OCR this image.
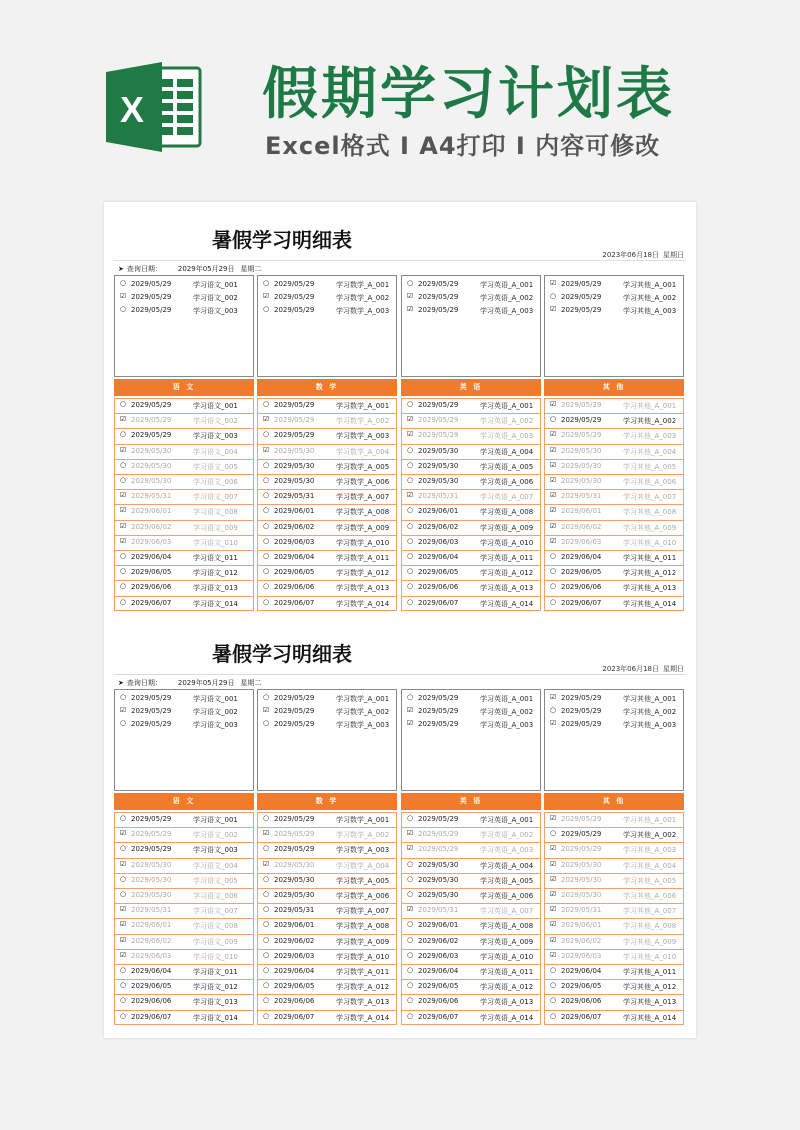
X 假期学习计划表
Excel格式 I A4打印 I 内容可修改
暑假学习明细表
2023年06月18日 星期日
➤ 查询日期： 2029年05月29日 星期二
○ 2029/05/29	学习语文_001
☑ 2029/05/29	学习语文_002
○ 2029/05/29	学习语文_003
语 文
○ 2029/05/29	学习语文_001
☑ 2029/05/29	学习语文_002
○ 2029/05/29	学习语文_003
☑ 2029/05/30	学习语文_004
○ 2029/05/30	学习语文_005
○ 2029/05/30	学习语文_006
☑ 2029/05/31	学习语文_007
☑ 2029/06/01	学习语文_008
☑ 2029/06/02	学习语文_009
☑ 2029/06/03	学习语文_010
○ 2029/06/04	学习语文_011
○ 2029/06/05	学习语文_012
○ 2029/06/06	学习语文_013
○ 2029/06/07	学习语文_014
○ 2029/05/29	学习数学_A_001
☑ 2029/05/29	学习数学_A_002
○ 2029/05/29	学习数学_A_003
数 学
○ 2029/05/29	学习数学_A_001
☑ 2029/05/29	学习数学_A_002
○ 2029/05/29	学习数学_A_003
☑ 2029/05/30	学习数学_A_004
○ 2029/05/30	学习数学_A_005
○ 2029/05/30	学习数学_A_006
○ 2029/05/31	学习数学_A_007
○ 2029/06/01	学习数学_A_008
○ 2029/06/02	学习数学_A_009
○ 2029/06/03	学习数学_A_010
○ 2029/06/04	学习数学_A_011
○ 2029/06/05	学习数学_A_012
○ 2029/06/06	学习数学_A_013
○ 2029/06/07	学习数学_A_014
○ 2029/05/29	学习英语_A_001
☑ 2029/05/29	学习英语_A_002
☑ 2029/05/29	学习英语_A_003
英 语
○ 2029/05/29	学习英语_A_001
☑ 2029/05/29	学习英语_A_002
☑ 2029/05/29	学习英语_A_003
○ 2029/05/30	学习英语_A_004
○ 2029/05/30	学习英语_A_005
○ 2029/05/30	学习英语_A_006
☑ 2029/05/31	学习英语_A_007
○ 2029/06/01	学习英语_A_008
○ 2029/06/02	学习英语_A_009
○ 2029/06/03	学习英语_A_010
○ 2029/06/04	学习英语_A_011
○ 2029/06/05	学习英语_A_012
○ 2029/06/06	学习英语_A_013
○ 2029/06/07	学习英语_A_014
☑ 2029/05/29	学习其他_A_001
○ 2029/05/29	学习其他_A_002
☑ 2029/05/29	学习其他_A_003
其 他
☑ 2029/05/29	学习其他_A_001
○ 2029/05/29	学习其他_A_002
☑ 2029/05/29	学习其他_A_003
☑ 2029/05/30	学习其他_A_004
☑ 2029/05/30	学习其他_A_005
☑ 2029/05/30	学习其他_A_006
☑ 2029/05/31	学习其他_A_007
☑ 2029/06/01	学习其他_A_008
☑ 2029/06/02	学习其他_A_009
☑ 2029/06/03	学习其他_A_010
○ 2029/06/04	学习其他_A_011
○ 2029/06/05	学习其他_A_012
○ 2029/06/06	学习其他_A_013
○ 2029/06/07	学习其他_A_014
暑假学习明细表
2023年06月18日 星期日
➤ 查询日期： 2029年05月29日 星期二
○ 2029/05/29	学习语文_001
☑ 2029/05/29	学习语文_002
○ 2029/05/29	学习语文_003
语 文
○ 2029/05/29	学习语文_001
☑ 2029/05/29	学习语文_002
○ 2029/05/29	学习语文_003
☑ 2029/05/30	学习语文_004
○ 2029/05/30	学习语文_005
○ 2029/05/30	学习语文_006
☑ 2029/05/31	学习语文_007
☑ 2029/06/01	学习语文_008
☑ 2029/06/02	学习语文_009
☑ 2029/06/03	学习语文_010
○ 2029/06/04	学习语文_011
○ 2029/06/05	学习语文_012
○ 2029/06/06	学习语文_013
○ 2029/06/07	学习语文_014
○ 2029/05/29	学习数学_A_001
☑ 2029/05/29	学习数学_A_002
○ 2029/05/29	学习数学_A_003
数 学
○ 2029/05/29	学习数学_A_001
☑ 2029/05/29	学习数学_A_002
○ 2029/05/29	学习数学_A_003
☑ 2029/05/30	学习数学_A_004
○ 2029/05/30	学习数学_A_005
○ 2029/05/30	学习数学_A_006
○ 2029/05/31	学习数学_A_007
○ 2029/06/01	学习数学_A_008
○ 2029/06/02	学习数学_A_009
○ 2029/06/03	学习数学_A_010
○ 2029/06/04	学习数学_A_011
○ 2029/06/05	学习数学_A_012
○ 2029/06/06	学习数学_A_013
○ 2029/06/07	学习数学_A_014
○ 2029/05/29	学习英语_A_001
☑ 2029/05/29	学习英语_A_002
☑ 2029/05/29	学习英语_A_003
英 语
○ 2029/05/29	学习英语_A_001
☑ 2029/05/29	学习英语_A_002
☑ 2029/05/29	学习英语_A_003
○ 2029/05/30	学习英语_A_004
○ 2029/05/30	学习英语_A_005
○ 2029/05/30	学习英语_A_006
☑ 2029/05/31	学习英语_A_007
○ 2029/06/01	学习英语_A_008
○ 2029/06/02	学习英语_A_009
○ 2029/06/03	学习英语_A_010
○ 2029/06/04	学习英语_A_011
○ 2029/06/05	学习英语_A_012
○ 2029/06/06	学习英语_A_013
○ 2029/06/07	学习英语_A_014
☑ 2029/05/29	学习其他_A_001
○ 2029/05/29	学习其他_A_002
☑ 2029/05/29	学习其他_A_003
其 他
☑ 2029/05/29	学习其他_A_001
○ 2029/05/29	学习其他_A_002
☑ 2029/05/29	学习其他_A_003
☑ 2029/05/30	学习其他_A_004
☑ 2029/05/30	学习其他_A_005
☑ 2029/05/30	学习其他_A_006
☑ 2029/05/31	学习其他_A_007
☑ 2029/06/01	学习其他_A_008
☑ 2029/06/02	学习其他_A_009
☑ 2029/06/03	学习其他_A_010
○ 2029/06/04	学习其他_A_011
○ 2029/06/05	学习其他_A_012
○ 2029/06/06	学习其他_A_013
○ 2029/06/07	学习其他_A_014
